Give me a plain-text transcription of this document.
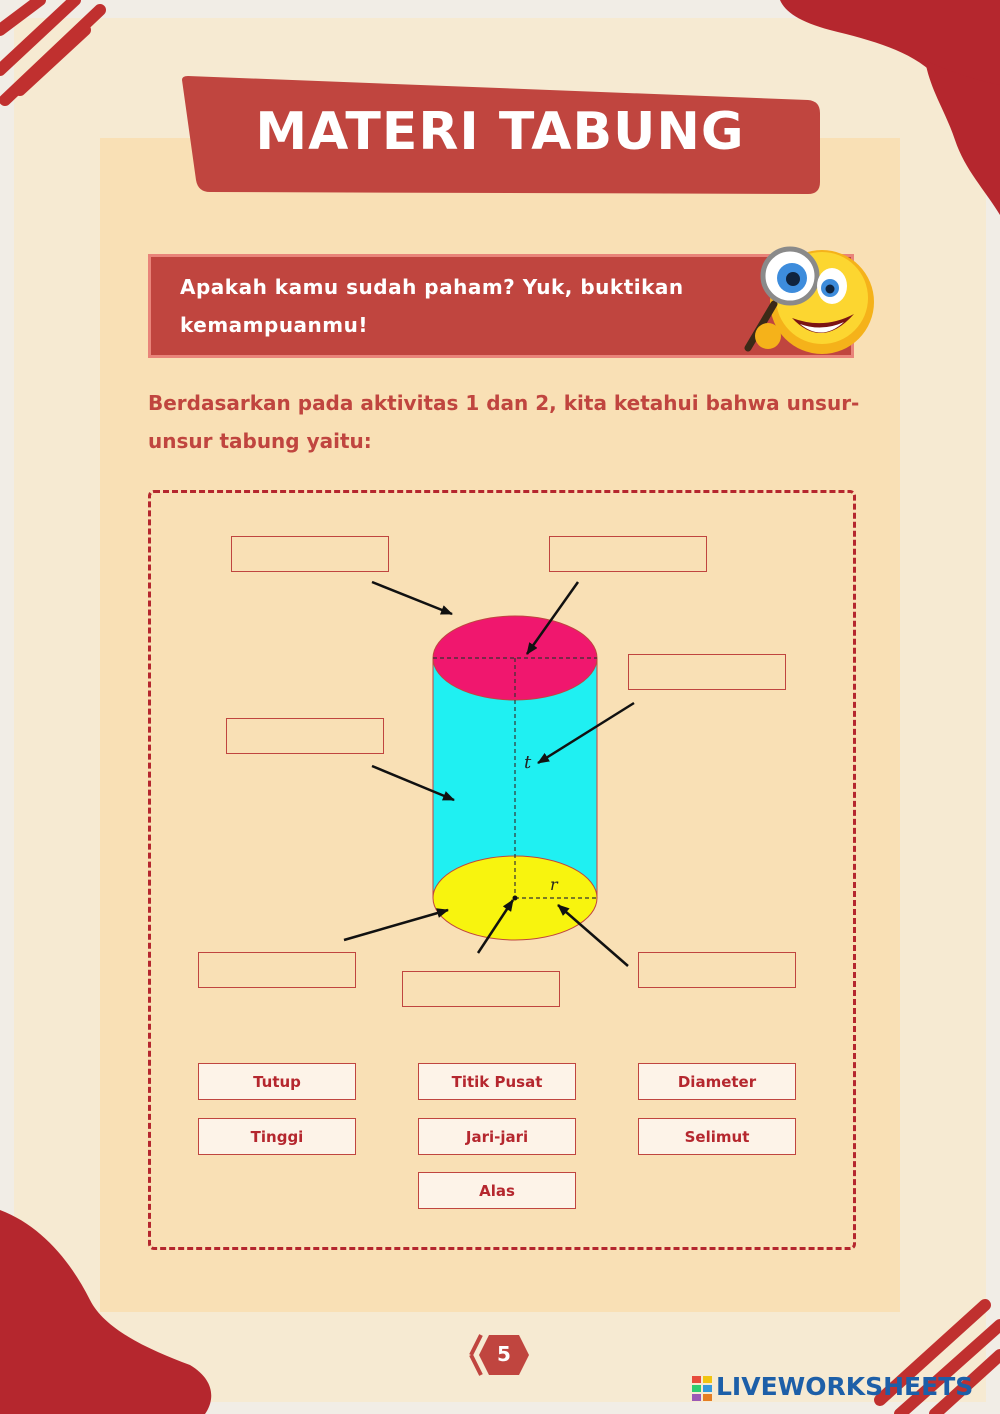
MATERI TABUNG
Apakah kamu sudah paham? Yuk, buktikan kemampuanmu!
Berdasarkan pada aktivitas 1 dan 2, kita ketahui bahwa unsur-unsur tabung yaitu:
t
r
Tutup	Titik Pusat	Diameter
Tinggi	Jari-jari	Selimut
Alas
5
LIVEWORKSHEETS
